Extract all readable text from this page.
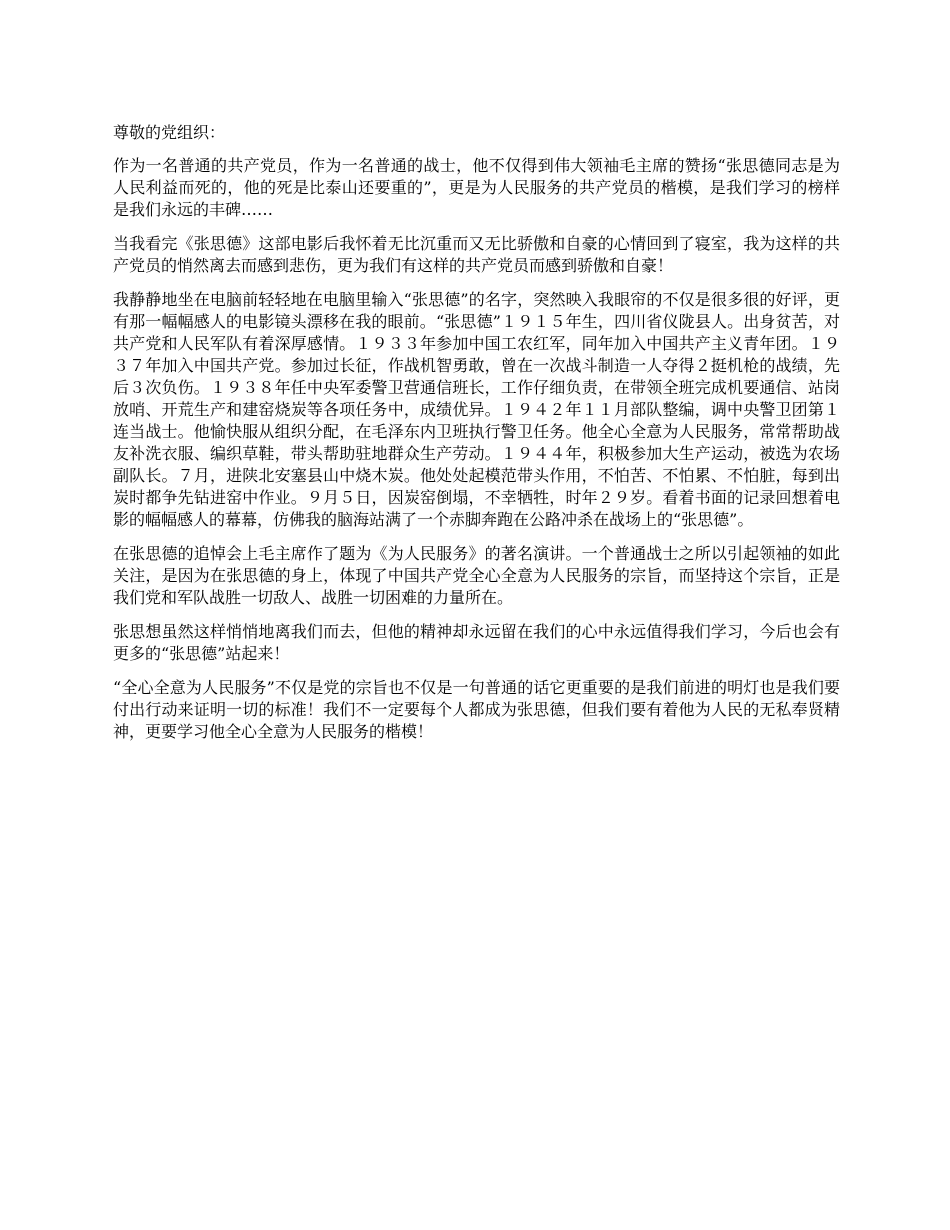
尊敬的党组织：

作为一名普通的共产党员，作为一名普通的战士，他不仅得到伟大领袖毛主席的赞扬“张思德同志是为人民利益而死的，他的死是比泰山还要重的”，更是为人民服务的共产党员的楷模，是我们学习的榜样是我们永远的丰碑……

当我看完《张思德》这部电影后我怀着无比沉重而又无比骄傲和自豪的心情回到了寝室，我为这样的共产党员的悄然离去而感到悲伤，更为我们有这样的共产党员而感到骄傲和自豪！

我静静地坐在电脑前轻轻地在电脑里输入“张思德”的名字，突然映入我眼帘的不仅是很多很的好评，更有那一幅幅感人的电影镜头漂移在我的眼前。“张思德”１９１５年生，四川省仪陇县人。出身贫苦，对共产党和人民军队有着深厚感情。１９３３年参加中国工农红军，同年加入中国共产主义青年团。１９３７年加入中国共产党。参加过长征，作战机智勇敢，曾在一次战斗制造一人夺得２挺机枪的战绩，先后３次负伤。１９３８年任中央军委警卫营通信班长，工作仔细负责，在带领全班完成机要通信、站岗放哨、开荒生产和建窑烧炭等各项任务中，成绩优异。１９４２年１１月部队整编，调中央警卫团第１连当战士。他愉快服从组织分配，在毛泽东内卫班执行警卫任务。他全心全意为人民服务，常常帮助战友补洗衣服、编织草鞋，带头帮助驻地群众生产劳动。１９４４年，积极参加大生产运动，被选为农场副队长。７月，进陕北安塞县山中烧木炭。他处处起模范带头作用，不怕苦、不怕累、不怕脏，每到出炭时都争先钻进窑中作业。９月５日，因炭窑倒塌，不幸牺牲，时年２９岁。看着书面的记录回想着电影的幅幅感人的幕幕，仿佛我的脑海站满了一个赤脚奔跑在公路冲杀在战场上的“张思德”。

在张思德的追悼会上毛主席作了题为《为人民服务》的著名演讲。一个普通战士之所以引起领袖的如此关注，是因为在张思德的身上，体现了中国共产党全心全意为人民服务的宗旨，而坚持这个宗旨，正是我们党和军队战胜一切敌人、战胜一切困难的力量所在。

张思想虽然这样悄悄地离我们而去，但他的精神却永远留在我们的心中永远值得我们学习，今后也会有更多的“张思德”站起来！

“全心全意为人民服务”不仅是党的宗旨也不仅是一句普通的话它更重要的是我们前进的明灯也是我们要付出行动来证明一切的标准！我们不一定要每个人都成为张思德，但我们要有着他为人民的无私奉贤精神，更要学习他全心全意为人民服务的楷模！
